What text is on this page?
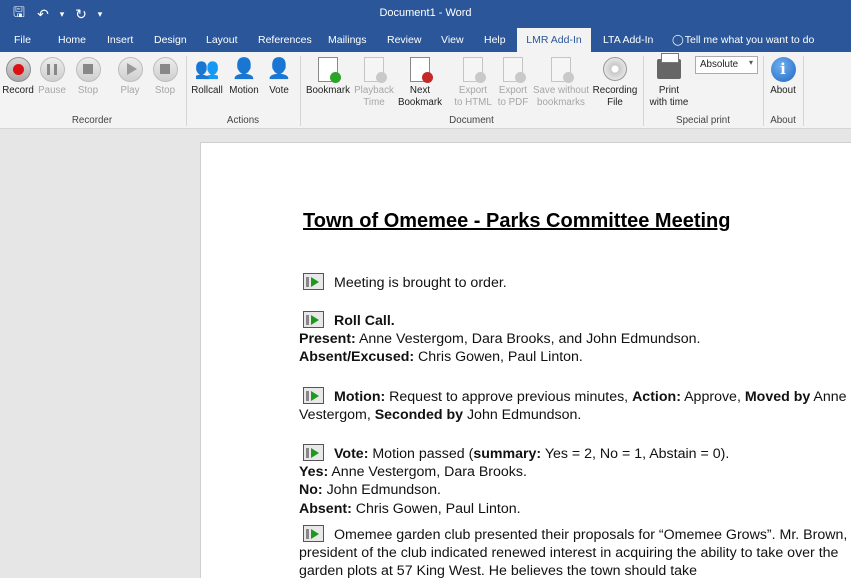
🖫 ↶	▾ ↻	▾	Document1 - Word
File	Home	Insert	Design	Layout	References	Mailings	Review	View	Help	LMR Add-In	LTA Add-In	◯ Tell me what you want to do
Record Pause	Stop	Play	Stop
Recorder
👥
Rollcall
👤
Motion
👤
Vote
Actions
Bookmark Playback
Time
Next
Bookmark
Export
to HTML
Export
to PDF
Save without
bookmarks
Recording
File
Document
Print
with time
Absolute ▾
Special print
i
About
About
Town of Omemee - Parks Committee Meeting
Meeting is brought to order.
Roll Call.
Present: Anne Vestergom, Dara Brooks, and John Edmundson.
Absent/Excused: Chris Gowen, Paul Linton.
Motion: Request to approve previous minutes, Action: Approve, Moved by Anne Vestergom, Seconded by John Edmundson.
Vote: Motion passed (summary: Yes = 2, No = 1, Abstain = 0).
Yes: Anne Vestergom, Dara Brooks.
No: John Edmundson.
Absent: Chris Gowen, Paul Linton.
Omemee garden club presented their proposals for “Omemee Grows”. Mr. Brown, president of the club indicated renewed interest in acquiring the ability to take over the garden plots at 57 King West. He believes the town should take
